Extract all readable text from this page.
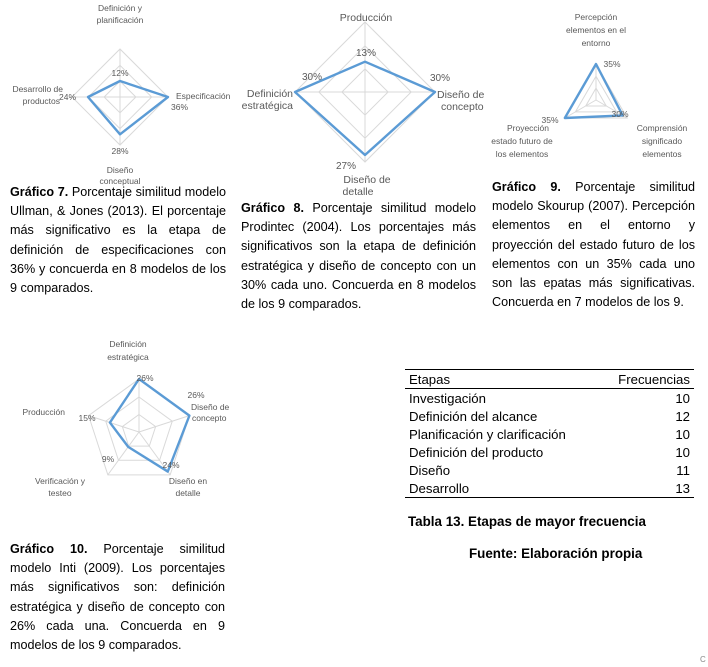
12%
36%
28%
24%
Definición y
planificación
Especificación
Diseño
conceptual
Desarrollo de
productos
13%
30%
27%
30%
Producción
Diseño de
concepto
Diseño de
detalle
Definición
estratégica
35%
30%
35%
Percepción
elementos en el
entorno
Comprensión
significado
elementos
Proyección
estado futuro de
los elementos
26%
26%
24%
9%
15%
Definición
estratégica
Diseño de
concepto
Diseño en
detalle
Verificación y
testeo
Producción
Gráfico 7. Porcentaje similitud modelo Ullman, & Jones (2013). El porcentaje más significativo es la etapa de definición de especificaciones con 36% y concuerda en 8 modelos de los 9 comparados.
Gráfico 8. Porcentaje similitud modelo Prodintec (2004). Los porcentajes más significativos son la etapa de definición estratégica y diseño de concepto con un 30% cada uno. Concuerda en 8 modelos de los 9 comparados.
Gráfico 9. Porcentaje similitud modelo Skourup (2007). Percepción elementos en el entorno y proyección del estado futuro de los elementos con un 35% cada uno son las epatas más significativas. Concuerda en 7 modelos de los 9.
Gráfico 10. Porcentaje similitud modelo Inti (2009). Los porcentajes más significativos son: definición estratégica y diseño de concepto con 26% cada una. Concuerda en 9 modelos de los 9 comparados.
Etapas	Frecuencias
Investigación	10
Definición del alcance	12
Planificación y clarificación	10
Definición del producto	10
Diseño	11
Desarrollo	13
Tabla 13. Etapas de mayor frecuencia
Fuente: Elaboración propia
C
